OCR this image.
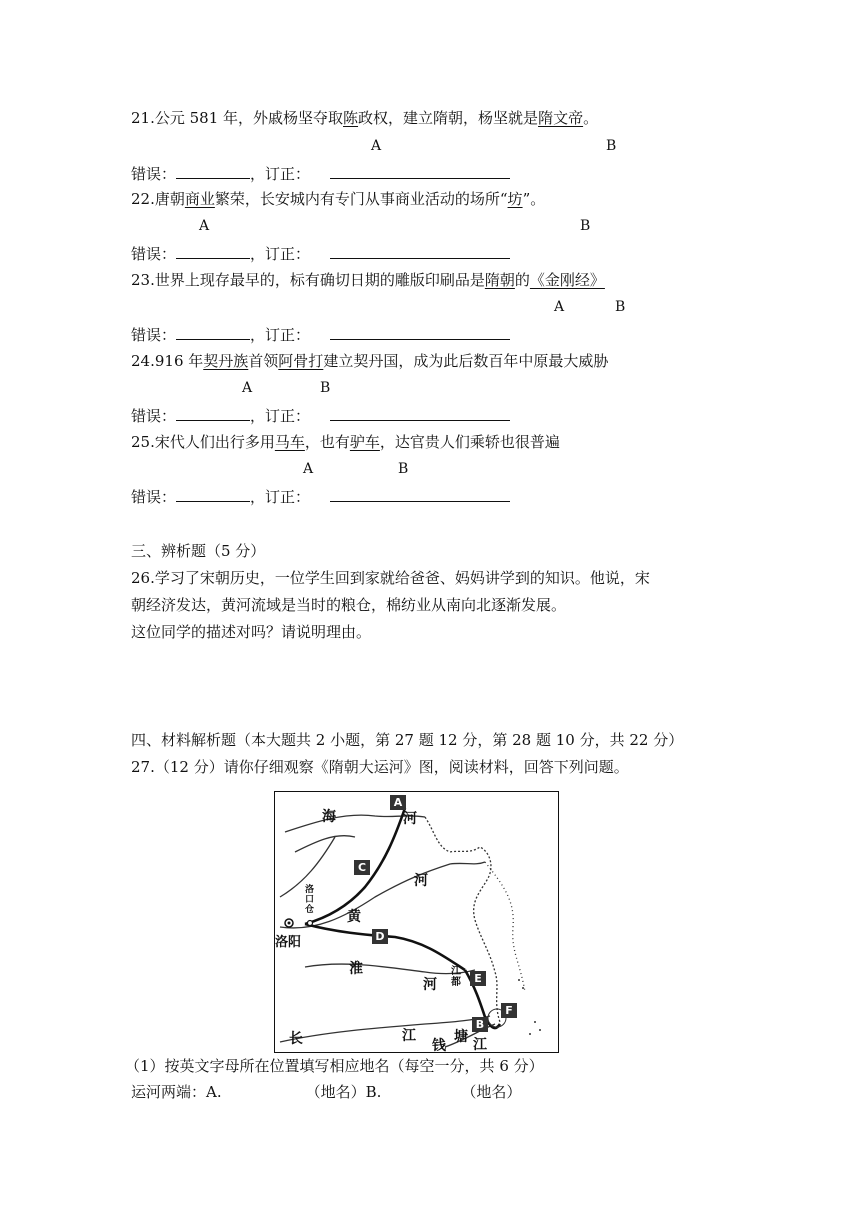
21.公元 581 年，外戚杨坚夺取陈政权，建立隋朝，杨坚就是隋文帝。
A	B
错误：	，订正：
22.唐朝商业繁荣，长安城内有专门从事商业活动的场所“坊”。
A	B
错误：	，订正：
23.世界上现存最早的，标有确切日期的雕版印刷品是隋朝的《金刚经》
A	B
错误：	，订正：
24.916 年契丹族首领阿骨打建立契丹国，成为此后数百年中原最大威胁
A	B
错误：	，订正：
25.宋代人们出行多用马车，也有驴车，达官贵人们乘轿也很普遍
A	B
错误：	，订正：
三、辨析题（5 分）
26.学习了宋朝历史，一位学生回到家就给爸爸、妈妈讲学到的知识。他说，宋
朝经济发达，黄河流域是当时的粮仓，棉纺业从南向北逐渐发展。
这位同学的描述对吗？请说明理由。
四、材料解析题（本大题共 2 小题，第 27 题 12 分，第 28 题 10 分，共 22 分）
27.（12 分）请你仔细观察《隋朝大运河》图，阅读材料，回答下列问题。
A
B
C
D
E
F
海	河
河
黄
淮
河
长	江
钱
塘 江
洛阳
洛
口
仓
江
都
（1）按英文字母所在位置填写相应地名（每空一分，共 6 分）
运河两端：A.	（地名）B.	（地名）
